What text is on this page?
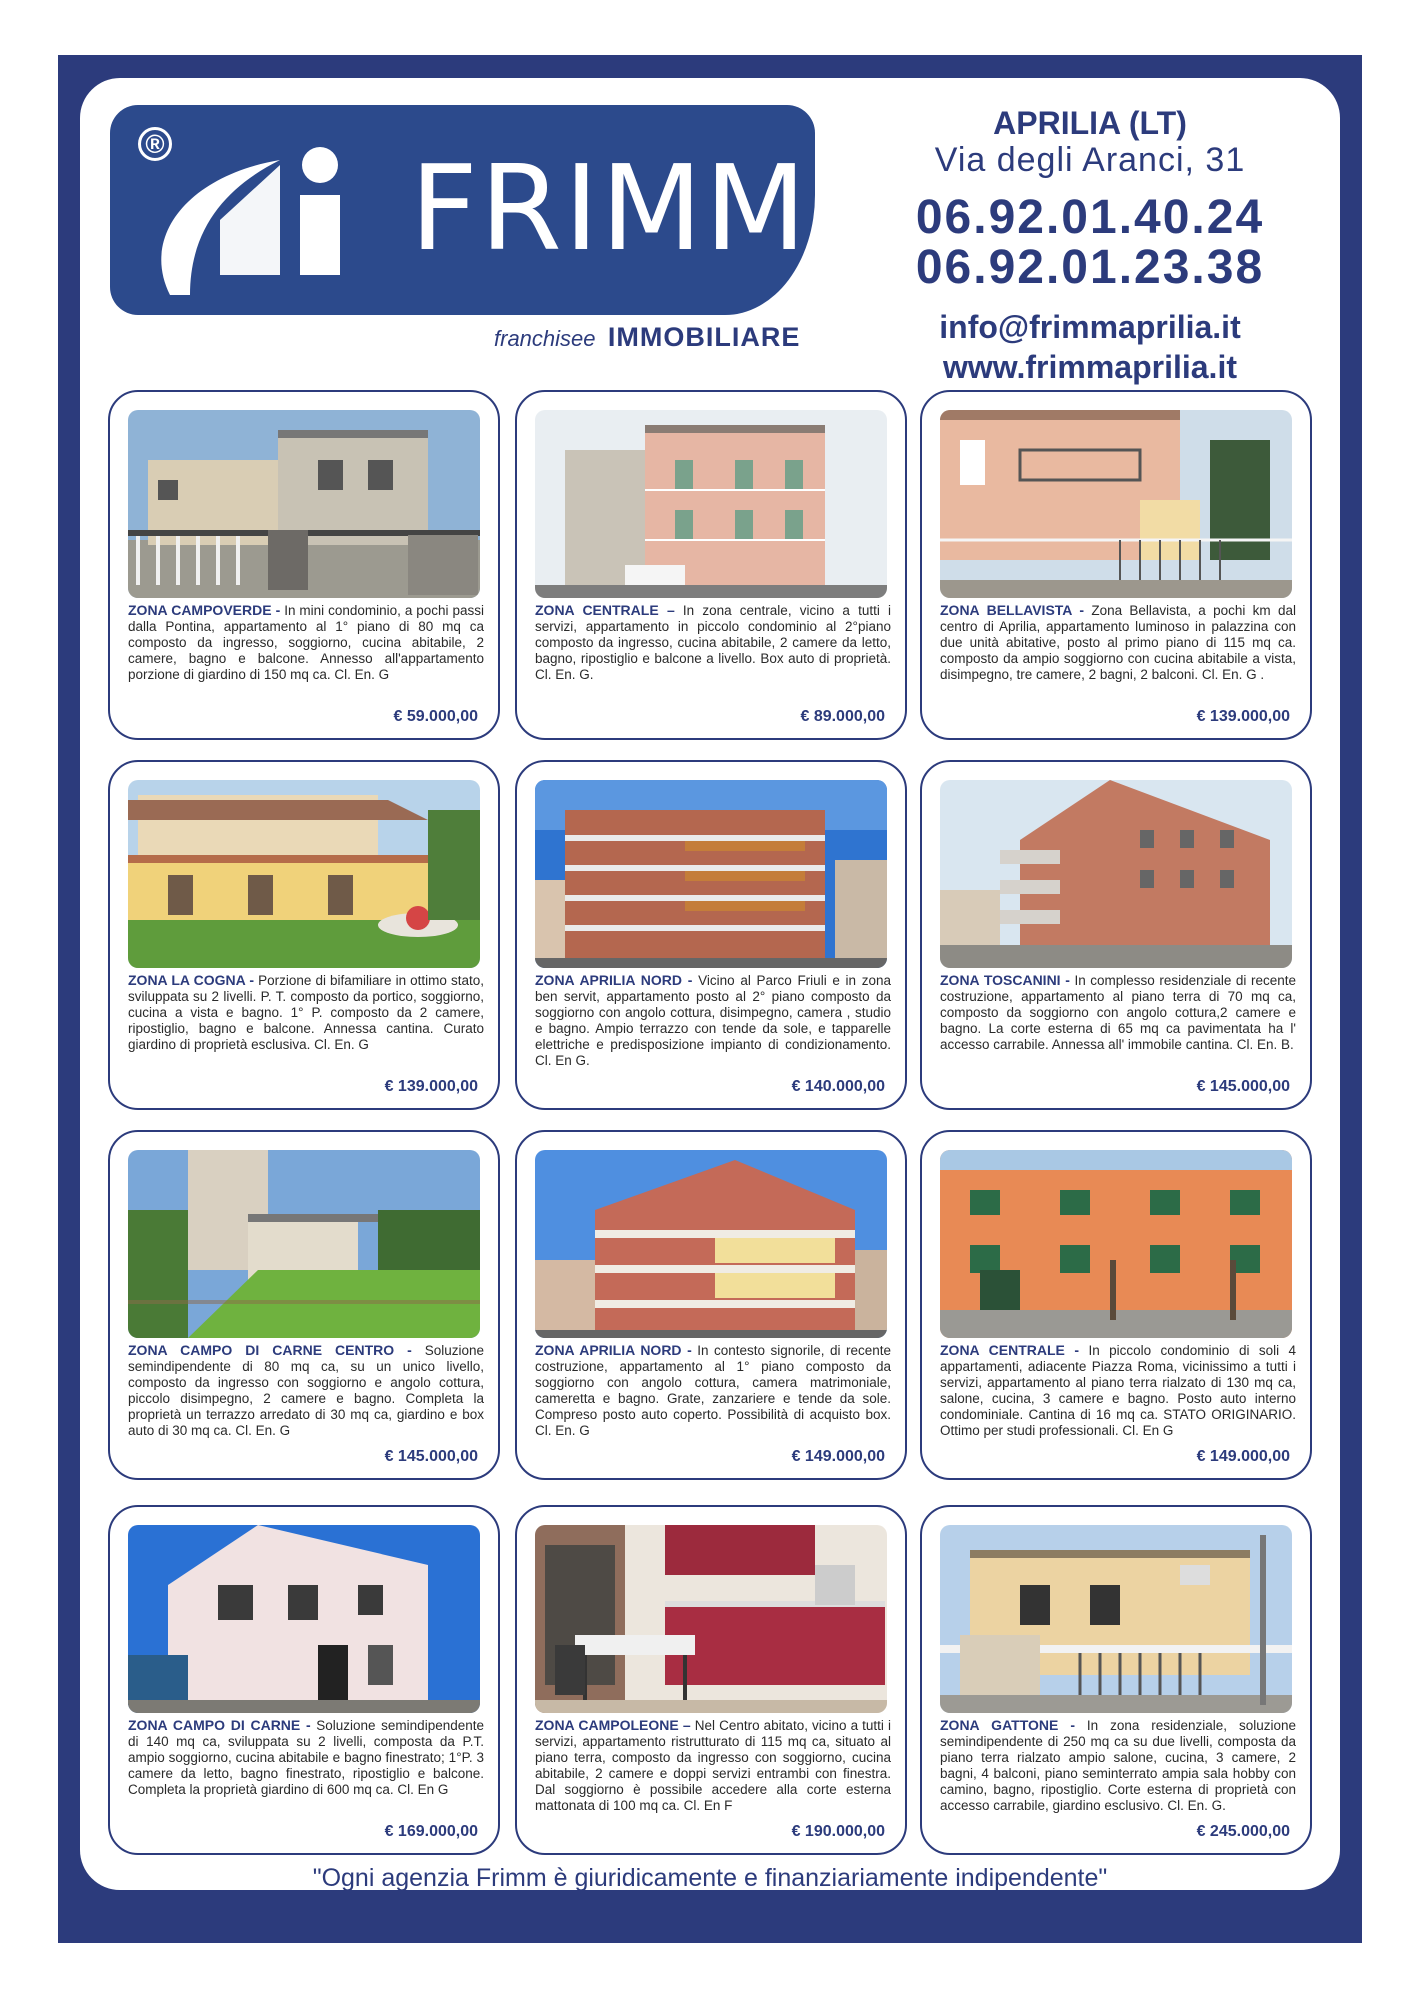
® FRIMM
franchisee IMMOBILIARE
APRILIA (LT)
Via degli Aranci, 31
06.92.01.40.24
06.92.01.23.38
info@frimmaprilia.it
www.frimmaprilia.it
ZONA CAMPOVERDE - In mini condominio, a pochi passi dalla Pontina, appartamento al 1° piano di 80 mq ca composto da ingresso, soggiorno, cucina abitabile, 2 camere, bagno e balcone. Annesso all'appartamento porzione di giardino di 150 mq ca. Cl. En. G
€ 59.000,00
ZONA CENTRALE – In zona centrale, vicino a tutti i servizi, appartamento in piccolo condominio al 2°piano composto da ingresso, cucina abitabile, 2 camere da letto, bagno, ripostiglio e balcone a livello. Box auto di proprietà. Cl. En. G.
€ 89.000,00
ZONA BELLAVISTA - Zona Bellavista, a pochi km dal centro di Aprilia, appartamento luminoso in palazzina con due unità abitative, posto al primo piano di 115 mq ca. composto da ampio soggiorno con cucina abitabile a vista, disimpegno, tre camere, 2 bagni, 2 balconi. Cl. En. G .
€ 139.000,00
ZONA LA COGNA - Porzione di bifamiliare in ottimo stato, sviluppata su 2 livelli. P. T. composto da portico, soggiorno, cucina a vista e bagno. 1° P. composto da 2 camere, ripostiglio, bagno e balcone. Annessa cantina. Curato giardino di proprietà esclusiva. Cl. En. G
€ 139.000,00
ZONA APRILIA NORD - Vicino al Parco Friuli e in zona ben servit, appartamento posto al 2° piano composto da soggiorno con angolo cottura, disimpegno, camera , studio e bagno. Ampio terrazzo con tende da sole, e tapparelle elettriche e predisposizione impianto di condizionamento. Cl. En G.
€ 140.000,00
ZONA TOSCANINI - In complesso residenziale di recente costruzione, appartamento al piano terra di 70 mq ca, composto da soggiorno con angolo cottura,2 camere e bagno. La corte esterna di 65 mq ca pavimentata ha l' accesso carrabile. Annessa all' immobile cantina. Cl. En. B.
€ 145.000,00
ZONA CAMPO DI CARNE CENTRO - Soluzione semindipendente di 80 mq ca, su un unico livello, composto da ingresso con soggiorno e angolo cottura, piccolo disimpegno, 2 camere e bagno. Completa la proprietà un terrazzo arredato di 30 mq ca, giardino e box auto di 30 mq ca. Cl. En. G
€ 145.000,00
ZONA APRILIA NORD - In contesto signorile, di recente costruzione, appartamento al 1° piano composto da soggiorno con angolo cottura, camera matrimoniale, cameretta e bagno. Grate, zanzariere e tende da sole. Compreso posto auto coperto. Possibilità di acquisto box. Cl. En. G
€ 149.000,00
ZONA CENTRALE - In piccolo condominio di soli 4 appartamenti, adiacente Piazza Roma, vicinissimo a tutti i servizi, appartamento al piano terra rialzato di 130 mq ca, salone, cucina, 3 camere e bagno. Posto auto interno condominiale. Cantina di 16 mq ca. STATO ORIGINARIO. Ottimo per studi professionali. Cl. En G
€ 149.000,00
ZONA CAMPO DI CARNE - Soluzione semindipendente di 140 mq ca, sviluppata su 2 livelli, composta da P.T. ampio soggiorno, cucina abitabile e bagno finestrato; 1°P. 3 camere da letto, bagno finestrato, ripostiglio e balcone. Completa la proprietà giardino di 600 mq ca. Cl. En G
€ 169.000,00
ZONA CAMPOLEONE – Nel Centro abitato, vicino a tutti i servizi, appartamento ristrutturato di 115 mq ca, situato al piano terra, composto da ingresso con soggiorno, cucina abitabile, 2 camere e doppi servizi entrambi con finestra. Dal soggiorno è possibile accedere alla corte esterna mattonata di 100 mq ca. Cl. En F
€ 190.000,00
ZONA GATTONE - In zona residenziale, soluzione semindipendente di 250 mq ca su due livelli, composta da piano terra rialzato ampio salone, cucina, 3 camere, 2 bagni, 4 balconi, piano seminterrato ampia sala hobby con camino, bagno, ripostiglio. Corte esterna di proprietà con accesso carrabile, giardino esclusivo. Cl. En. G.
€ 245.000,00
"Ogni agenzia Frimm è giuridicamente e finanziariamente indipendente"
